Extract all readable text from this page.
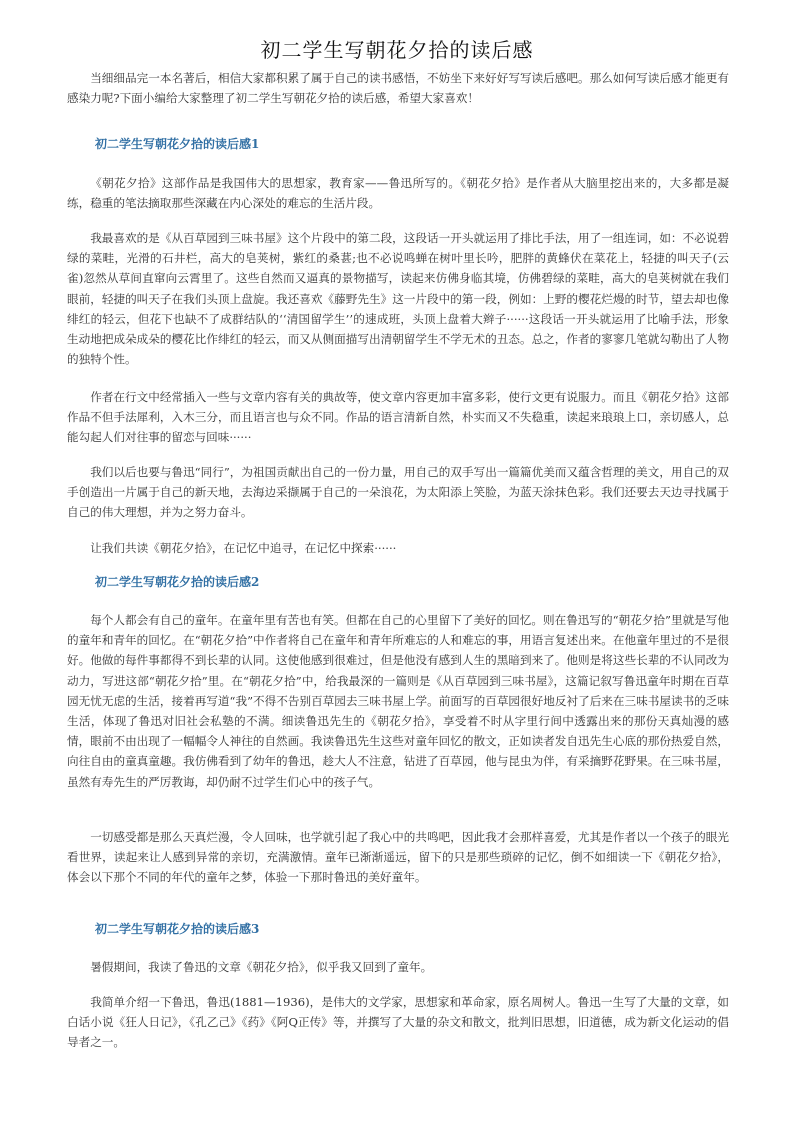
初二学生写朝花夕拾的读后感

当细细品完一本名著后，相信大家都积累了属于自己的读书感悟，不妨坐下来好好写写读后感吧。那么如何写读后感才能更有感染力呢?下面小编给大家整理了初二学生写朝花夕拾的读后感，希望大家喜欢！

初二学生写朝花夕拾的读后感1

《朝花夕拾》这部作品是我国伟大的思想家，教育家——鲁迅所写的。《朝花夕拾》是作者从大脑里挖出来的，大多都是凝练，稳重的笔法摘取那些深藏在内心深处的难忘的生活片段。

我最喜欢的是《从百草园到三味书屋》这个片段中的第二段，这段话一开头就运用了排比手法，用了一组连词，如：不必说碧绿的菜畦，光滑的石井栏，高大的皂荚树，紫红的桑葚;也不必说鸣蝉在树叶里长吟，肥胖的黄蜂伏在菜花上，轻捷的叫天子(云雀)忽然从草间直窜向云霄里了。这些自然而又逼真的景物描写，读起来仿佛身临其境，仿佛碧绿的菜畦，高大的皂荚树就在我们眼前，轻捷的叫天子在我们头顶上盘旋。我还喜欢《藤野先生》这一片段中的第一段，例如：上野的樱花烂熳的时节，望去却也像绯红的轻云，但花下也缺不了成群结队的‘‘清国留学生’’的速成班，头顶上盘着大辫子······这段话一开头就运用了比喻手法，形象生动地把成朵成朵的樱花比作绯红的轻云，而又从侧面描写出清朝留学生不学无术的丑态。总之，作者的寥寥几笔就勾勒出了人物的独特个性。

作者在行文中经常插入一些与文章内容有关的典故等，使文章内容更加丰富多彩，使行文更有说服力。而且《朝花夕拾》这部作品不但手法犀利，入木三分，而且语言也与众不同。作品的语言清新自然，朴实而又不失稳重，读起来琅琅上口，亲切感人，总能勾起人们对往事的留恋与回味······

我们以后也要与鲁迅“同行”，为祖国贡献出自己的一份力量，用自己的双手写出一篇篇优美而又蕴含哲理的美文，用自己的双手创造出一片属于自己的新天地，去海边采撷属于自己的一朵浪花，为太阳添上笑脸，为蓝天涂抹色彩。我们还要去天边寻找属于自己的伟大理想，并为之努力奋斗。

让我们共读《朝花夕拾》，在记忆中追寻，在记忆中探索······

初二学生写朝花夕拾的读后感2

每个人都会有自己的童年。在童年里有苦也有笑。但都在自己的心里留下了美好的回忆。则在鲁迅写的“朝花夕拾”里就是写他的童年和青年的回忆。在“朝花夕拾”中作者将自己在童年和青年所难忘的人和难忘的事，用语言复述出来。在他童年里过的不是很好。他做的每件事都得不到长辈的认同。这使他感到很难过，但是他没有感到人生的黑暗到来了。他则是将这些长辈的不认同改为动力，写进这部“朝花夕拾”里。在“朝花夕拾”中，给我最深的一篇则是《从百草园到三味书屋》，这篇记叙写鲁迅童年时期在百草园无忧无虑的生活，接着再写道“我”不得不告别百草园去三味书屋上学。前面写的百草园很好地反衬了后来在三味书屋读书的乏味生活，体现了鲁迅对旧社会私塾的不满。细读鲁迅先生的《朝花夕拾》，享受着不时从字里行间中透露出来的那份天真灿漫的感情，眼前不由出现了一幅幅令人神往的自然画。我读鲁迅先生这些对童年回忆的散文，正如读者发自迅先生心底的那份热爱自然，向往自由的童真童趣。我仿佛看到了幼年的鲁迅，趁大人不注意，钻进了百草园，他与昆虫为伴，有采摘野花野果。在三味书屋，虽然有寿先生的严厉教诲，却仍耐不过学生们心中的孩子气。

一切感受都是那么天真烂漫，令人回味，也学就引起了我心中的共鸣吧，因此我才会那样喜爱，尤其是作者以一个孩子的眼光看世界，读起来让人感到异常的亲切，充满激情。童年已渐渐遥远，留下的只是那些琐碎的记忆，倒不如细读一下《朝花夕拾》，体会以下那个不同的年代的童年之梦，体验一下那时鲁迅的美好童年。

初二学生写朝花夕拾的读后感3

暑假期间，我读了鲁迅的文章《朝花夕拾》，似乎我又回到了童年。

我简单介绍一下鲁迅，鲁迅(1881—1936)，是伟大的文学家，思想家和革命家，原名周树人。鲁迅一生写了大量的文章，如白话小说《狂人日记》，《孔乙己》《药》《阿Q正传》等，并撰写了大量的杂文和散文，批判旧思想，旧道德，成为新文化运动的倡导者之一。
